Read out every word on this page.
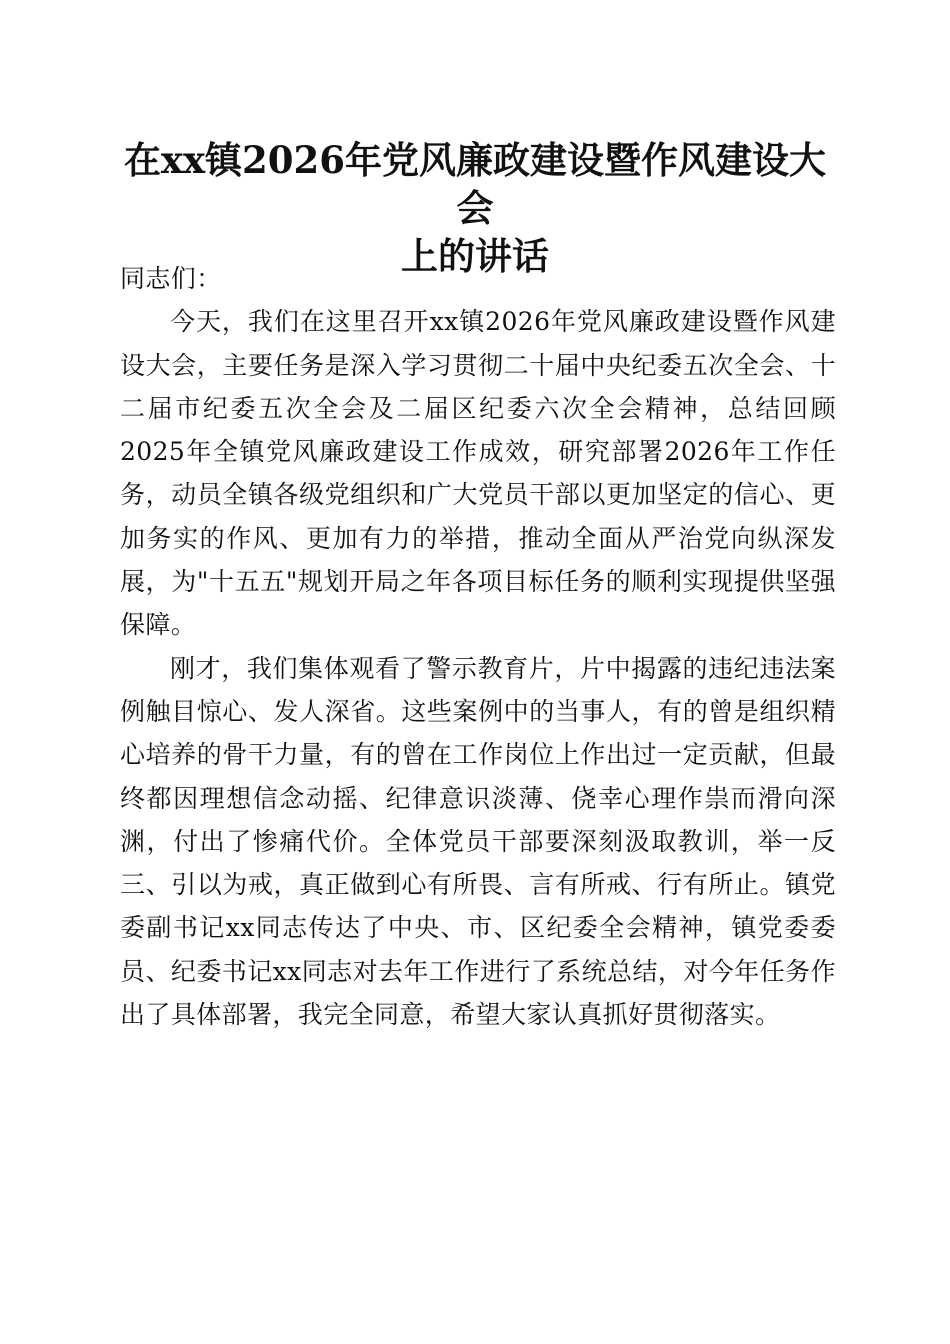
在xx镇2026年党风廉政建设暨作风建设大会
上的讲话

同志们：

今天，我们在这里召开xx镇2026年党风廉政建设暨作风建设大会，主要任务是深入学习贯彻二十届中央纪委五次全会、十二届市纪委五次全会及二届区纪委六次全会精神，总结回顾2025年全镇党风廉政建设工作成效，研究部署2026年工作任务，动员全镇各级党组织和广大党员干部以更加坚定的信心、更加务实的作风、更加有力的举措，推动全面从严治党向纵深发展，为"十五五"规划开局之年各项目标任务的顺利实现提供坚强保障。

刚才，我们集体观看了警示教育片，片中揭露的违纪违法案例触目惊心、发人深省。这些案例中的当事人，有的曾是组织精心培养的骨干力量，有的曾在工作岗位上作出过一定贡献，但最终都因理想信念动摇、纪律意识淡薄、侥幸心理作祟而滑向深渊，付出了惨痛代价。全体党员干部要深刻汲取教训，举一反三、引以为戒，真正做到心有所畏、言有所戒、行有所止。镇党委副书记xx同志传达了中央、市、区纪委全会精神，镇党委委员、纪委书记xx同志对去年工作进行了系统总结，对今年任务作出了具体部署，我完全同意，希望大家认真抓好贯彻落实。
